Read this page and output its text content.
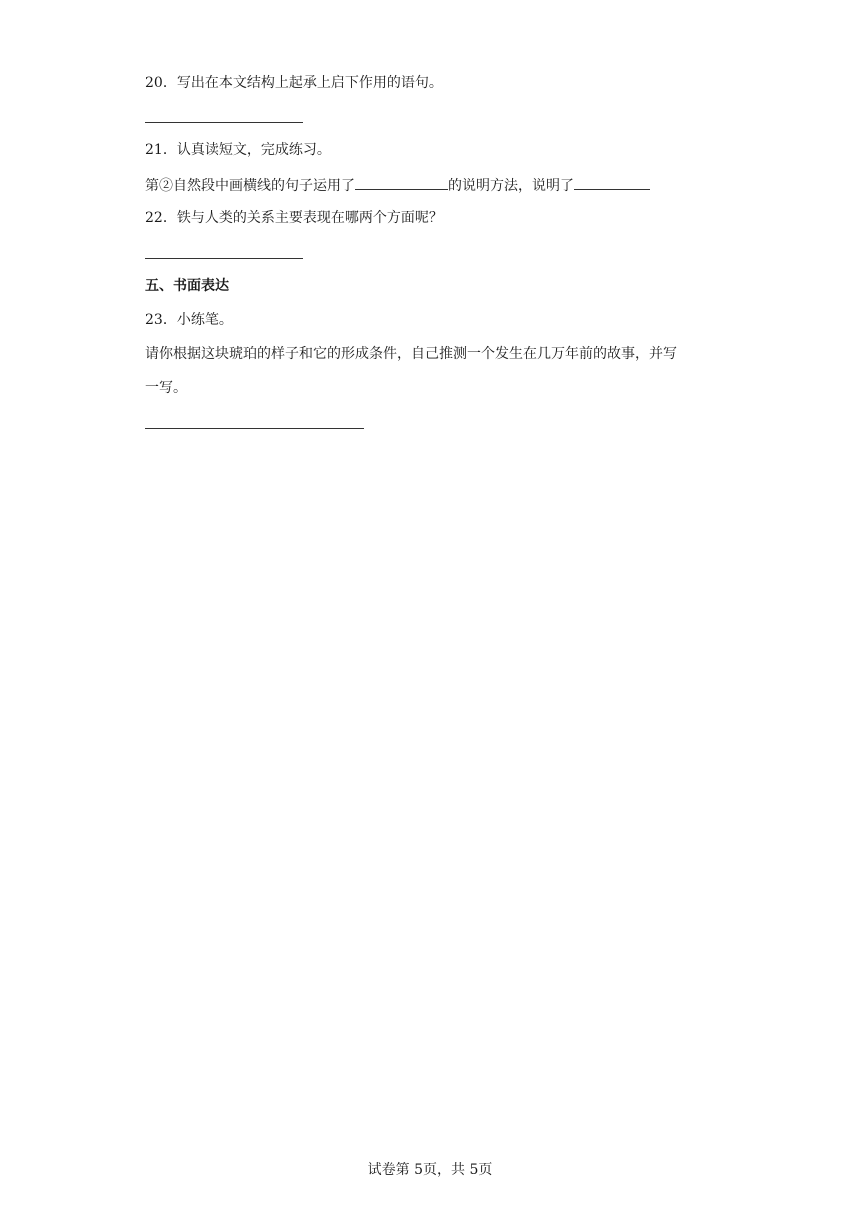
20．写出在本文结构上起承上启下作用的语句。
21．认真读短文，完成练习。
第②自然段中画横线的句子运用了	的说明方法，说明了
22．铁与人类的关系主要表现在哪两个方面呢？
五、书面表达
23．小练笔。
请你根据这块琥珀的样子和它的形成条件，自己推测一个发生在几万年前的故事，并写
一写。
试卷第 5页，共 5页
